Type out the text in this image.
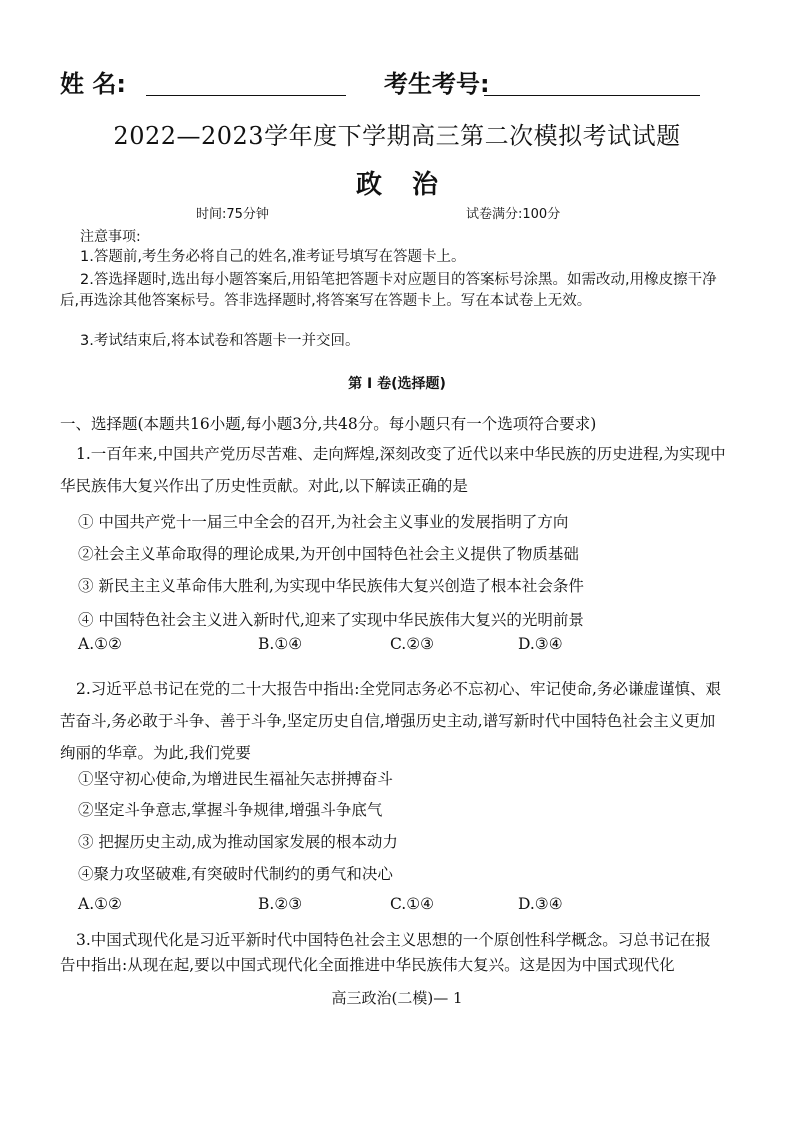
姓 名:	考生考号:
2022—2023学年度下学期高三第二次模拟考试试题
政治
时间:75分钟	试卷满分:100分
注意事项:
1.答题前,考生务必将自己的姓名,准考证号填写在答题卡上。
2.答选择题时,选出每小题答案后,用铅笔把答题卡对应题目的答案标号涂黑。如需改动,用橡皮擦干净后,再选涂其他答案标号。答非选择题时,将答案写在答题卡上。写在本试卷上无效。
3.考试结束后,将本试卷和答题卡一并交回。
第 Ⅰ 卷(选择题)
一、选择题(本题共16小题,每小题3分,共48分。每小题只有一个选项符合要求)
1.一百年来,中国共产党历尽苦难、走向辉煌,深刻改变了近代以来中华民族的历史进程,为实现中华民族伟大复兴作出了历史性贡献。对此,以下解读正确的是
① 中国共产党十一届三中全会的召开,为社会主义事业的发展指明了方向
②社会主义革命取得的理论成果,为开创中国特色社会主义提供了物质基础
③ 新民主主义革命伟大胜利,为实现中华民族伟大复兴创造了根本社会条件
④ 中国特色社会主义进入新时代,迎来了实现中华民族伟大复兴的光明前景
A.①②	B.①④	C.②③	D.③④
2.习近平总书记在党的二十大报告中指出:全党同志务必不忘初心、牢记使命,务必谦虚谨慎、艰苦奋斗,务必敢于斗争、善于斗争,坚定历史自信,增强历史主动,谱写新时代中国特色社会主义更加绚丽的华章。为此,我们党要
①坚守初心使命,为增进民生福祉矢志拼搏奋斗
②坚定斗争意志,掌握斗争规律,增强斗争底气
③ 把握历史主动,成为推动国家发展的根本动力
④聚力攻坚破难,有突破时代制约的勇气和决心
A.①②	B.②③	C.①④	D.③④
3.中国式现代化是习近平新时代中国特色社会主义思想的一个原创性科学概念。习总书记在报告中指出:从现在起,要以中国式现代化全面推进中华民族伟大复兴。这是因为中国式现代化
高三政治(二模)— 1
